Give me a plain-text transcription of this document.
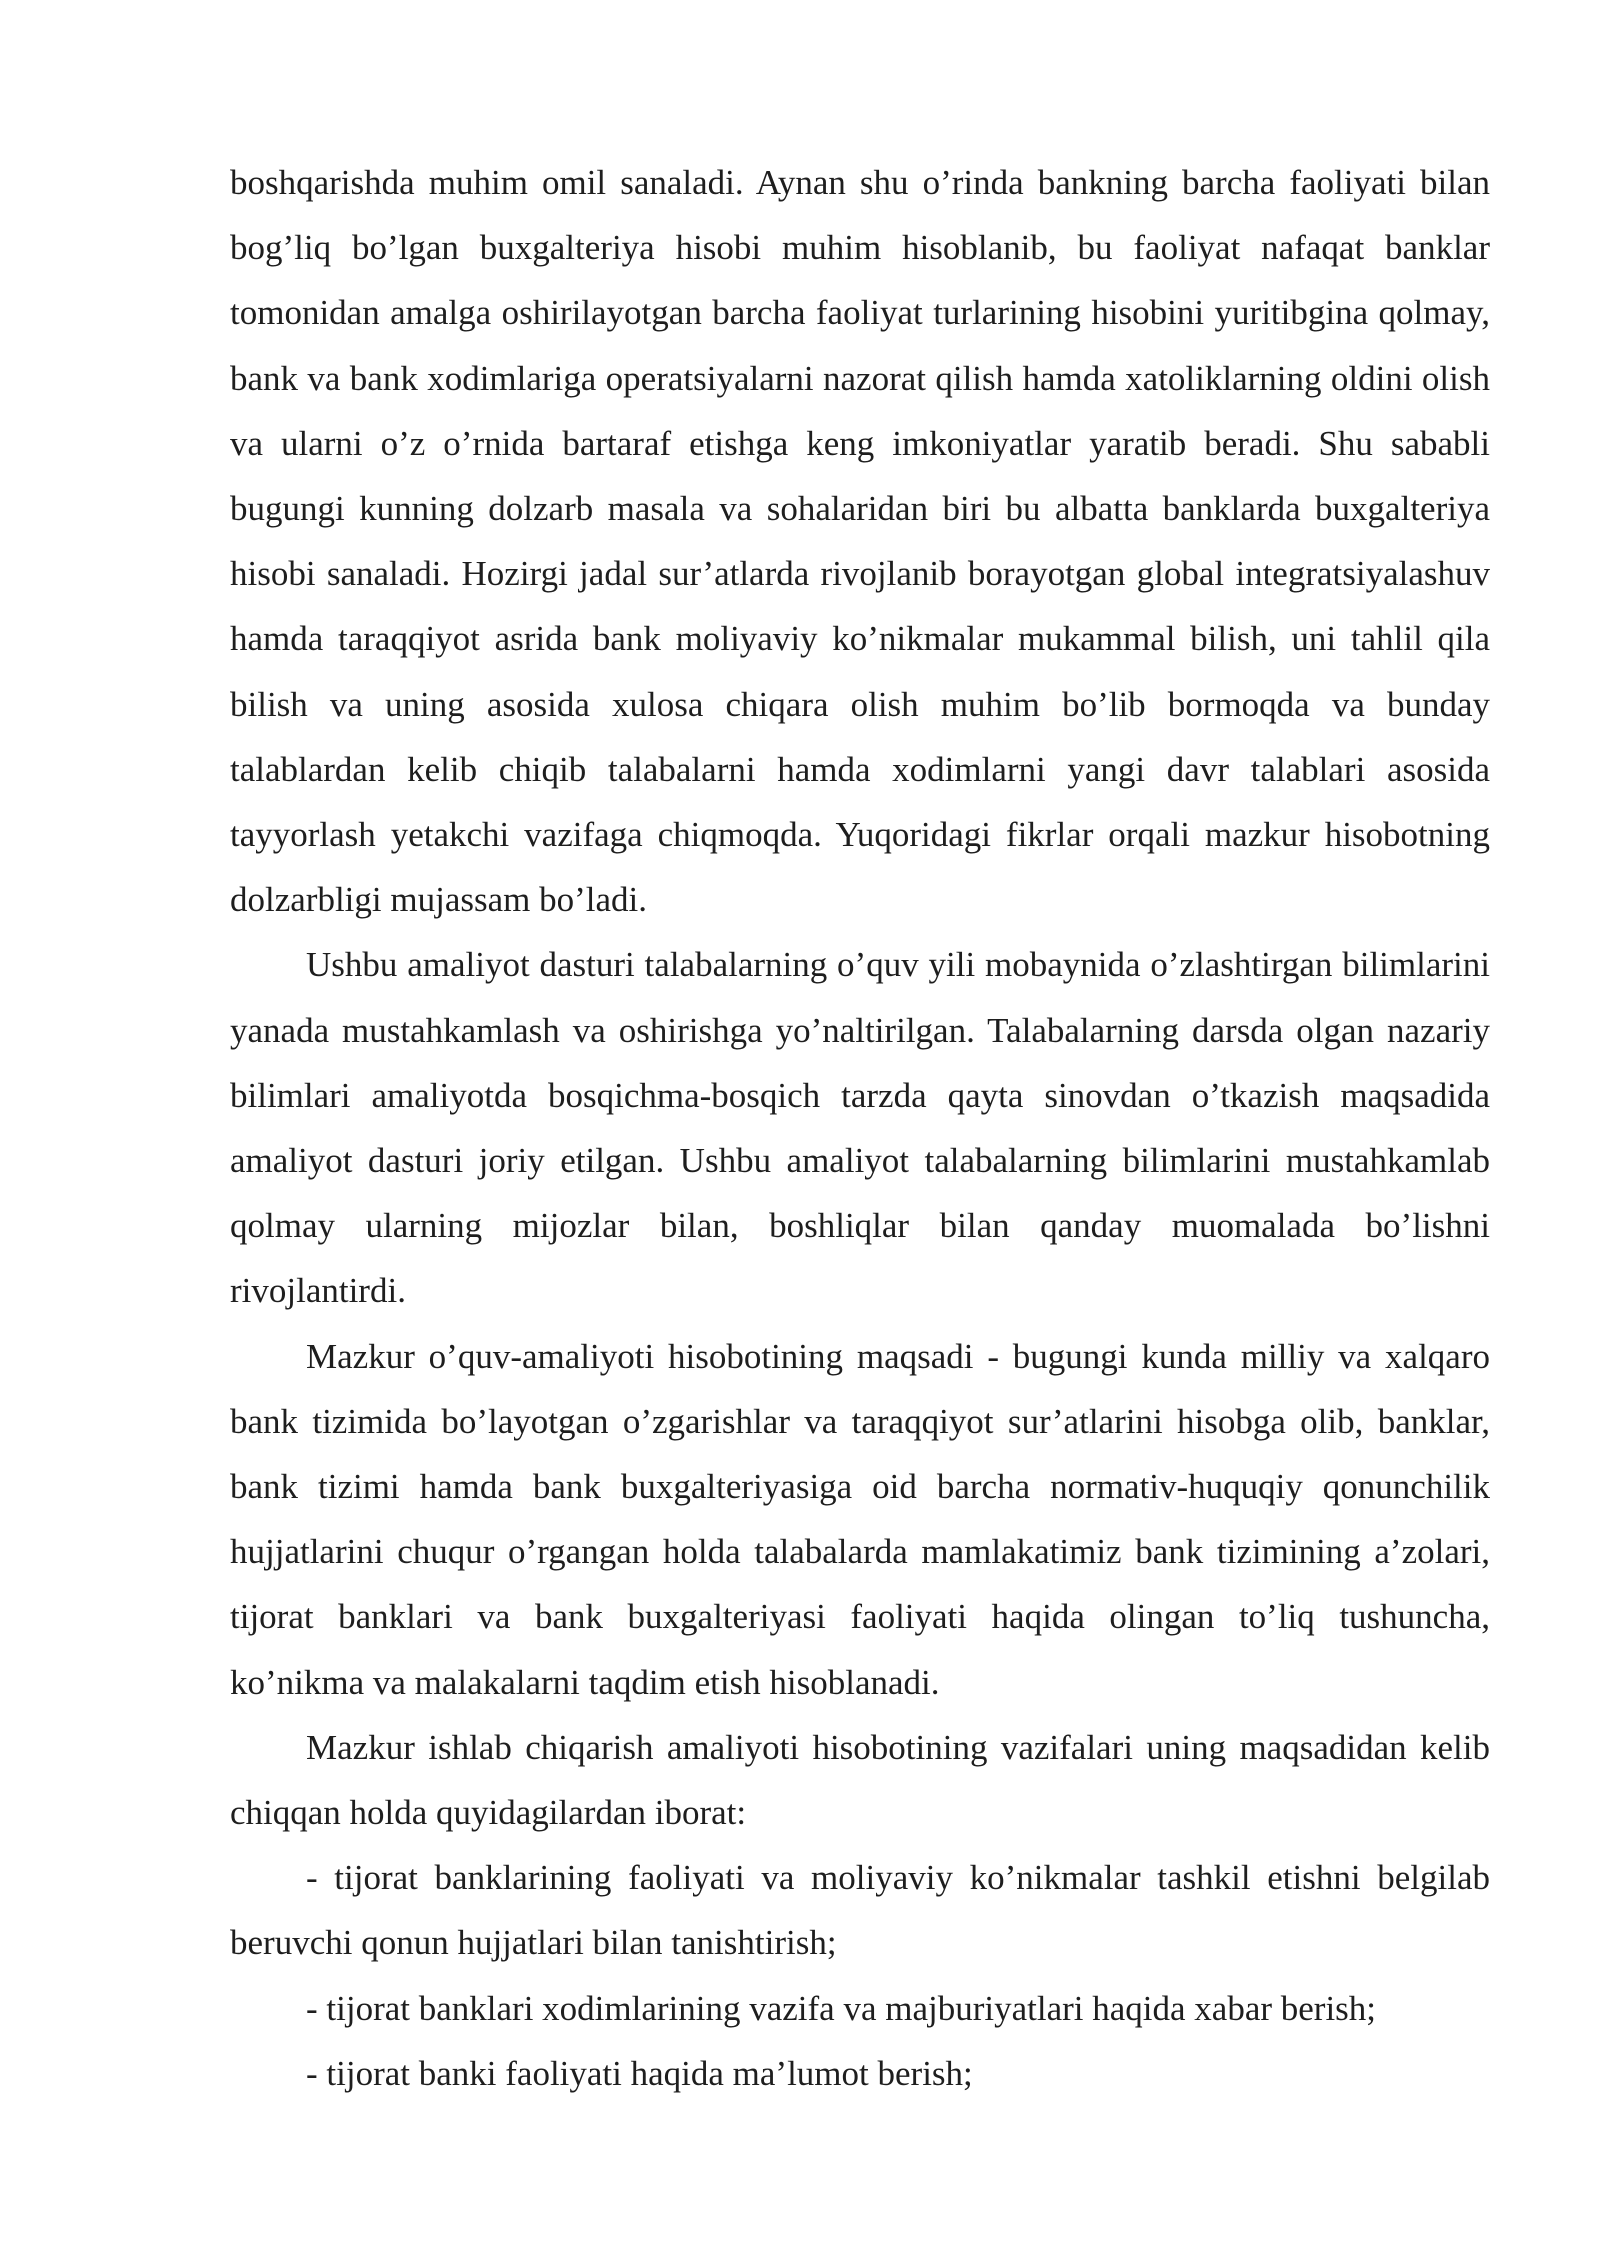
boshqarishda muhim omil sanaladi. Aynan shu o’rinda bankning barcha faoliyati bilan bog’liq bo’lgan buxgalteriya hisobi muhim hisoblanib, bu faoliyat nafaqat banklar tomonidan amalga oshirilayotgan barcha faoliyat turlarining hisobini yuritibgina qolmay, bank va bank xodimlariga operatsiyalarni nazorat qilish hamda xatoliklarning oldini olish va ularni o’z o’rnida bartaraf etishga keng imkoniyatlar yaratib beradi. Shu sababli bugungi kunning dolzarb masala va sohalaridan biri bu albatta banklarda buxgalteriya hisobi sanaladi. Hozirgi jadal sur’atlarda rivojlanib borayotgan global integratsiyalashuv hamda taraqqiyot asrida bank moliyaviy ko’nikmalar mukammal bilish, uni tahlil qila bilish va uning asosida xulosa chiqara olish muhim bo’lib bormoqda va bunday talablardan kelib chiqib talabalarni hamda xodimlarni yangi davr talablari asosida tayyorlash yetakchi vazifaga chiqmoqda. Yuqoridagi fikrlar orqali mazkur hisobotning dolzarbligi mujassam bo’ladi.

Ushbu amaliyot dasturi talabalarning o’quv yili mobaynida o’zlashtirgan bilimlarini yanada mustahkamlash va oshirishga yo’naltirilgan. Talabalarning darsda olgan nazariy bilimlari amaliyotda bosqichma-bosqich tarzda qayta sinovdan o’tkazish maqsadida amaliyot dasturi joriy etilgan. Ushbu amaliyot talabalarning bilimlarini mustahkamlab qolmay ularning mijozlar bilan, boshliqlar bilan qanday muomalada bo’lishni rivojlantirdi.

Mazkur o’quv-amaliyoti hisobotining maqsadi - bugungi kunda milliy va xalqaro bank tizimida bo’layotgan o’zgarishlar va taraqqiyot sur’atlarini hisobga olib, banklar, bank tizimi hamda bank buxgalteriyasiga oid barcha normativ-huquqiy qonunchilik hujjatlarini chuqur o’rgangan holda talabalarda mamlakatimiz bank tizimining a’zolari, tijorat banklari va bank buxgalteriyasi faoliyati haqida olingan to’liq tushuncha, ko’nikma va malakalarni taqdim etish hisoblanadi.

Mazkur ishlab chiqarish amaliyoti hisobotining vazifalari uning maqsadidan kelib chiqqan holda quyidagilardan iborat:

- tijorat banklarining faoliyati va moliyaviy ko’nikmalar tashkil etishni belgilab beruvchi qonun hujjatlari bilan tanishtirish;

- tijorat banklari xodimlarining vazifa va majburiyatlari haqida xabar berish;

- tijorat banki faoliyati haqida ma’lumot berish;
